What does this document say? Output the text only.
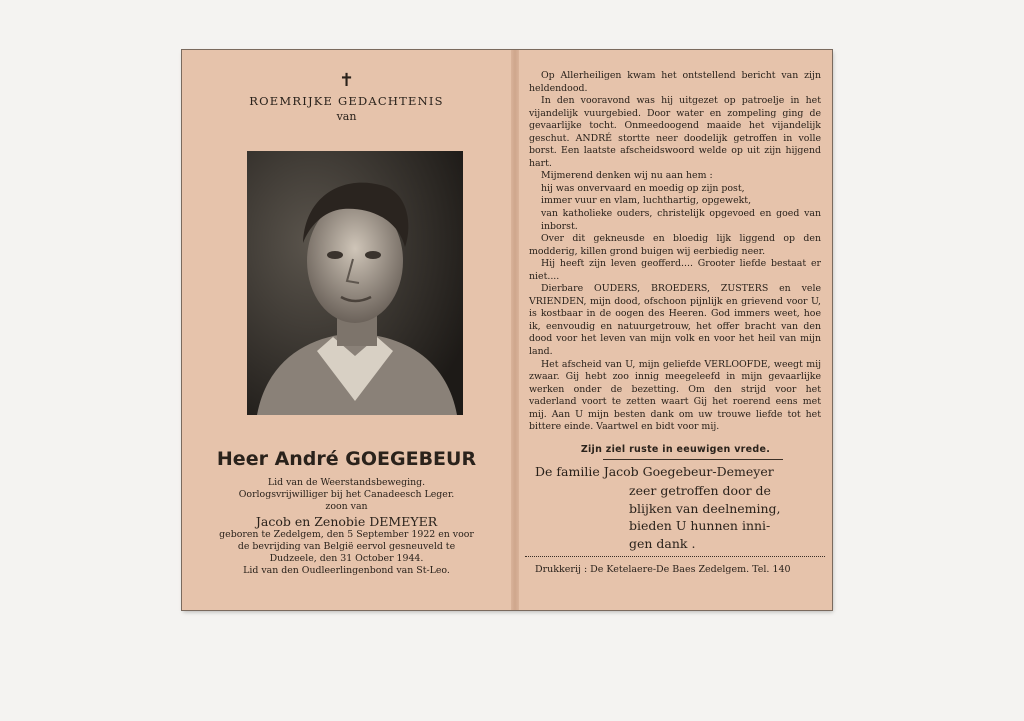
✝
ROEMRIJKE GEDACHTENIS
van
Heer André GOEGEBEUR
Lid van de Weerstandsbeweging.
Oorlogsvrijwilliger bij het Canadeesch Leger.
zoon van
Jacob en Zenobie DEMEYER
geboren te Zedelgem, den 5 September 1922 en voor
de bevrijding van België eervol gesneuveld te
Dudzeele, den 31 October 1944.
Lid van den Oudleerlingenbond van St-Leo.

Op Allerheiligen kwam het ontstellend bericht van zijn heldendood.

In den vooravond was hij uitgezet op patroelje in het vijandelijk vuurgebied. Door water en zompeling ging de gevaarlijke tocht. Onmeedoogend maaide het vijandelijk geschut. ANDRÉ stortte neer doodelijk getroffen in volle borst. Een laatste afscheidswoord welde op uit zijn hijgend hart.

Mijmerend denken wij nu aan hem :

hij was onvervaard en moedig op zijn post,

immer vuur en vlam, luchthartig, opgewekt,

van katholieke ouders, christelijk opgevoed en goed van inborst.

Over dit gekneusde en bloedig lijk liggend op den modderig, killen grond buigen wij eerbiedig neer.

Hij heeft zijn leven geofferd.... Grooter liefde bestaat er niet....

Dierbare OUDERS, BROEDERS, ZUSTERS en vele VRIENDEN, mijn dood, ofschoon pijnlijk en grievend voor U, is kostbaar in de oogen des Heeren. God immers weet, hoe ik, eenvoudig en natuurgetrouw, het offer bracht van den dood voor het leven van mijn volk en voor het heil van mijn land.

Het afscheid van U, mijn geliefde VERLOOFDE, weegt mij zwaar. Gij hebt zoo innig meegeleefd in mijn gevaarlijke werken onder de bezetting. Om den strijd voor het vaderland voort te zetten waart Gij het roerend eens met mij. Aan U mijn besten dank om uw trouwe liefde tot het bittere einde. Vaartwel en bidt voor mij.

Zijn ziel ruste in eeuwigen vrede.
De familie Jacob Goegebeur-Demeyer
zeer getroffen door de
blijken van deelneming,
bieden U hunnen inni-
gen dank .
Drukkerij : De Ketelaere-De Baes Zedelgem. Tel. 140
